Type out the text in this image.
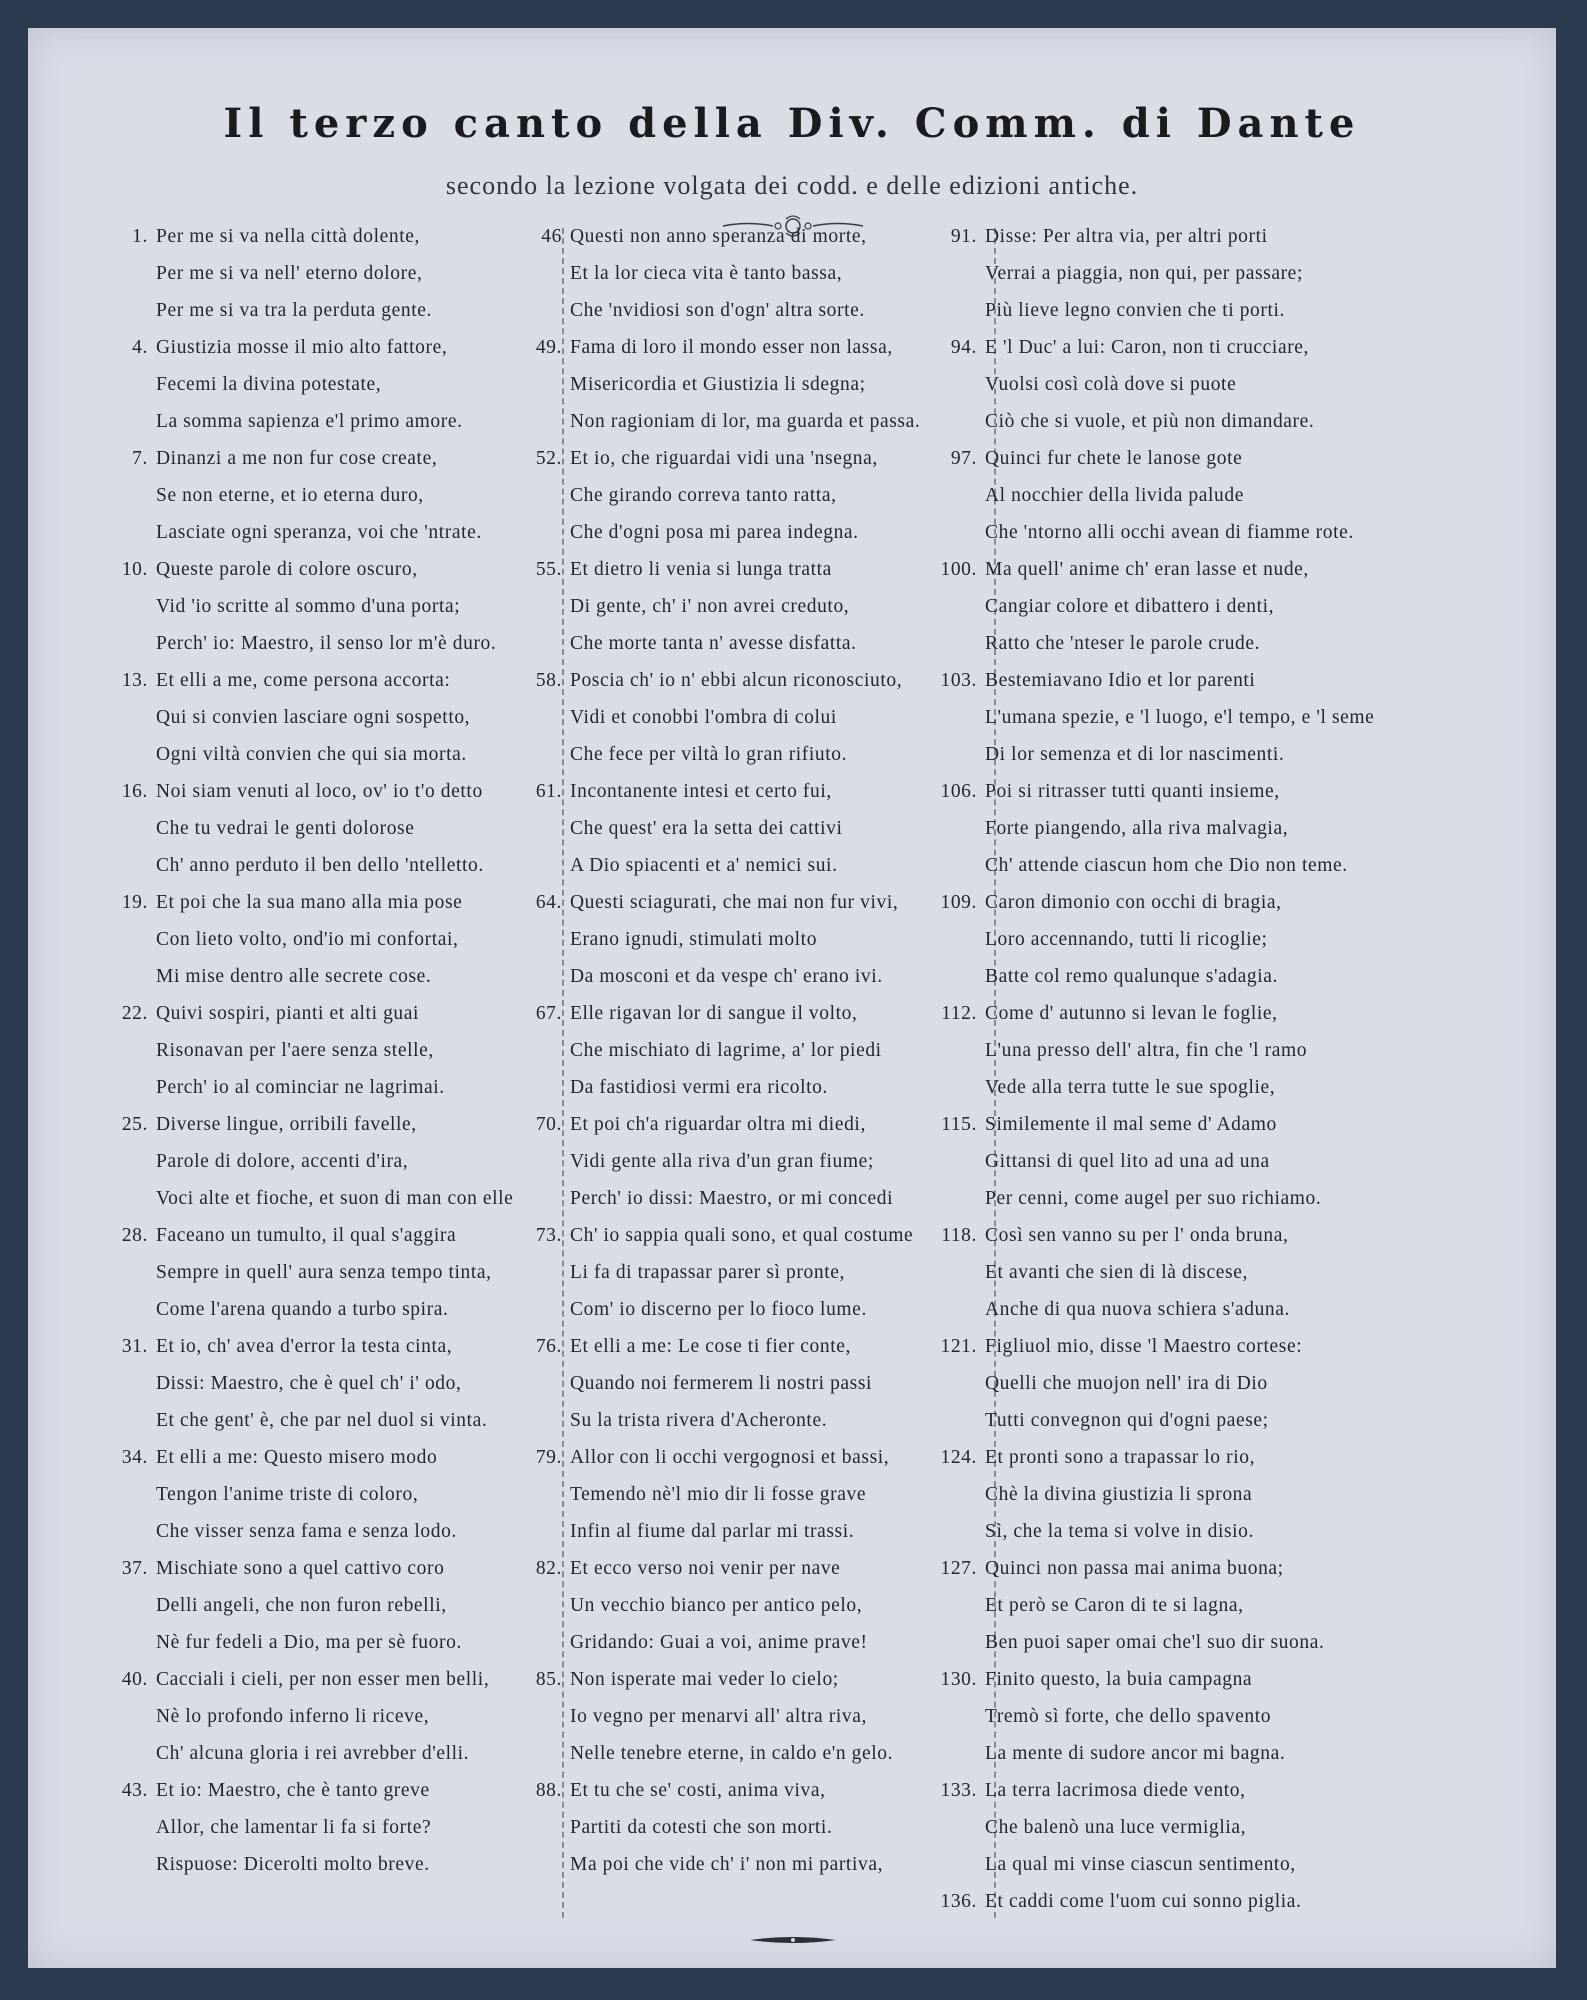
Il terzo canto della Div. Comm. di Dante
secondo la lezione volgata dei codd. e delle edizioni antiche.
1. Per me si va nella città dolente,
Per me si va nell' eterno dolore,
Per me si va tra la perduta gente.
4. Giustizia mosse il mio alto fattore,
Fecemi la divina potestate,
La somma sapienza e'l primo amore.
7. Dinanzi a me non fur cose create,
Se non eterne, et io eterna duro,
Lasciate ogni speranza, voi che 'ntrate.
10. Queste parole di colore oscuro,
Vid 'io scritte al sommo d'una porta;
Perch' io: Maestro, il senso lor m'è duro.
13. Et elli a me, come persona accorta:
Qui si convien lasciare ogni sospetto,
Ogni viltà convien che qui sia morta.
16. Noi siam venuti al loco, ov' io t'o detto
Che tu vedrai le genti dolorose
Ch' anno perduto il ben dello 'ntelletto.
19. Et poi che la sua mano alla mia pose
Con lieto volto, ond'io mi confortai,
Mi mise dentro alle secrete cose.
22. Quivi sospiri, pianti et alti guai
Risonavan per l'aere senza stelle,
Perch' io al cominciar ne lagrimai.
25. Diverse lingue, orribili favelle,
Parole di dolore, accenti d'ira,
Voci alte et fioche, et suon di man con elle
28. Faceano un tumulto, il qual s'aggira
Sempre in quell' aura senza tempo tinta,
Come l'arena quando a turbo spira.
31. Et io, ch' avea d'error la testa cinta,
Dissi: Maestro, che è quel ch' i' odo,
Et che gent' è, che par nel duol si vinta.
34. Et elli a me: Questo misero modo
Tengon l'anime triste di coloro,
Che visser senza fama e senza lodo.
37. Mischiate sono a quel cattivo coro
Delli angeli, che non furon rebelli,
Nè fur fedeli a Dio, ma per sè fuoro.
40. Cacciali i cieli, per non esser men belli,
Nè lo profondo inferno li riceve,
Ch' alcuna gloria i rei avrebber d'elli.
43. Et io: Maestro, che è tanto greve
Allor, che lamentar li fa si forte?
Rispuose: Dicerolti molto breve.
46 Questi non anno speranza di morte,
Et la lor cieca vita è tanto bassa,
Che 'nvidiosi son d'ogn' altra sorte.
49. Fama di loro il mondo esser non lassa,
Misericordia et Giustizia li sdegna;
Non ragioniam di lor, ma guarda et passa.
52. Et io, che riguardai vidi una 'nsegna,
Che girando correva tanto ratta,
Che d'ogni posa mi parea indegna.
55. Et dietro li venia si lunga tratta
Di gente, ch' i' non avrei creduto,
Che morte tanta n' avesse disfatta.
58. Poscia ch' io n' ebbi alcun riconosciuto,
Vidi et conobbi l'ombra di colui
Che fece per viltà lo gran rifiuto.
61. Incontanente intesi et certo fui,
Che quest' era la setta dei cattivi
A Dio spiacenti et a' nemici sui.
64. Questi sciagurati, che mai non fur vivi,
Erano ignudi, stimulati molto
Da mosconi et da vespe ch' erano ivi.
67. Elle rigavan lor di sangue il volto,
Che mischiato di lagrime, a' lor piedi
Da fastidiosi vermi era ricolto.
70. Et poi ch'a riguardar oltra mi diedi,
Vidi gente alla riva d'un gran fiume;
Perch' io dissi: Maestro, or mi concedi
73. Ch' io sappia quali sono, et qual costume
Li fa di trapassar parer sì pronte,
Com' io discerno per lo fioco lume.
76. Et elli a me: Le cose ti fier conte,
Quando noi fermerem li nostri passi
Su la trista rivera d'Acheronte.
79. Allor con li occhi vergognosi et bassi,
Temendo nè'l mio dir li fosse grave
Infin al fiume dal parlar mi trassi.
82. Et ecco verso noi venir per nave
Un vecchio bianco per antico pelo,
Gridando: Guai a voi, anime prave!
85. Non isperate mai veder lo cielo;
Io vegno per menarvi all' altra riva,
Nelle tenebre eterne, in caldo e'n gelo.
88. Et tu che se' costi, anima viva,
Partiti da cotesti che son morti.
Ma poi che vide ch' i' non mi partiva,
91. Disse: Per altra via, per altri porti
Verrai a piaggia, non qui, per passare;
Più lieve legno convien che ti porti.
94. E 'l Duc' a lui: Caron, non ti crucciare,
Vuolsi così colà dove si puote
Ciò che si vuole, et più non dimandare.
97. Quinci fur chete le lanose gote
Al nocchier della livida palude
Che 'ntorno alli occhi avean di fiamme rote.
100. Ma quell' anime ch' eran lasse et nude,
Cangiar colore et dibattero i denti,
Ratto che 'nteser le parole crude.
103. Bestemiavano Idio et lor parenti
L'umana spezie, e 'l luogo, e'l tempo, e 'l seme
Di lor semenza et di lor nascimenti.
106. Poi si ritrasser tutti quanti insieme,
Forte piangendo, alla riva malvagia,
Ch' attende ciascun hom che Dio non teme.
109. Caron dimonio con occhi di bragia,
Loro accennando, tutti li ricoglie;
Batte col remo qualunque s'adagia.
112. Come d' autunno si levan le foglie,
L'una presso dell' altra, fin che 'l ramo
Vede alla terra tutte le sue spoglie,
115. Similemente il mal seme d' Adamo
Gittansi di quel lito ad una ad una
Per cenni, come augel per suo richiamo.
118. Così sen vanno su per l' onda bruna,
Et avanti che sien di là discese,
Anche di qua nuova schiera s'aduna.
121. Figliuol mio, disse 'l Maestro cortese:
Quelli che muojon nell' ira di Dio
Tutti convegnon qui d'ogni paese;
124. Et pronti sono a trapassar lo rio,
Chè la divina giustizia li sprona
Sì, che la tema si volve in disio.
127. Quinci non passa mai anima buona;
Et però se Caron di te si lagna,
Ben puoi saper omai che'l suo dir suona.
130. Finito questo, la buia campagna
Tremò sì forte, che dello spavento
La mente di sudore ancor mi bagna.
133. La terra lacrimosa diede vento,
Che balenò una luce vermiglia,
La qual mi vinse ciascun sentimento,
136. Et caddi come l'uom cui sonno piglia.
